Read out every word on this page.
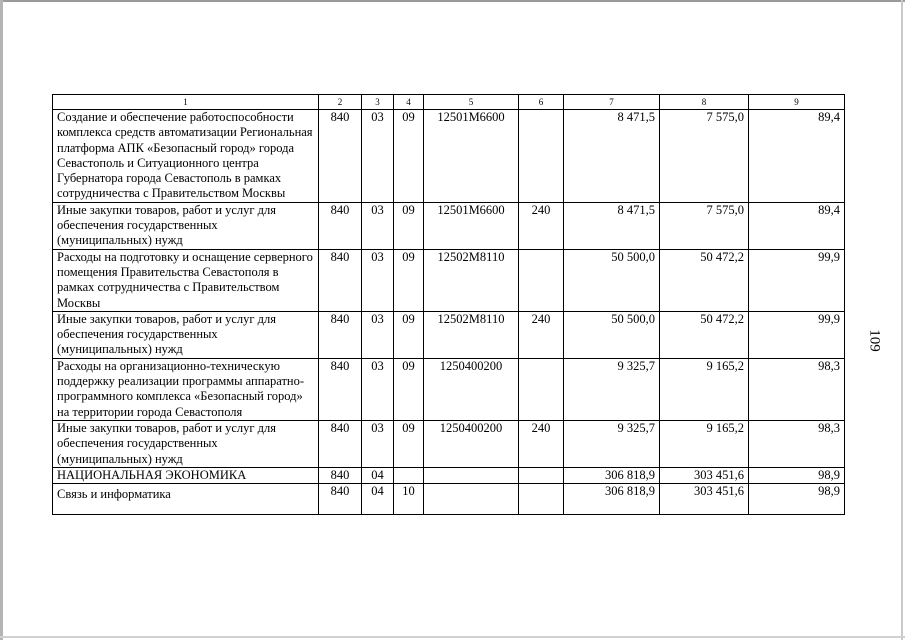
1	2	3	4	5	6	7	8	9
Создание и обеспечение работоспособности комплекса средств автоматизации Региональная платформа АПК «Безопасный город» города Севастополь и Ситуационного центра Губернатора города Севастополь в рамках сотрудничества с Правительством Москвы	840	03	09	12501М6600		8 471,5	7 575,0	89,4
Иные закупки товаров, работ и услуг для обеспечения государственных (муниципальных) нужд	840	03	09	12501М6600	240	8 471,5	7 575,0	89,4
Расходы на подготовку и оснащение серверного помещения Правительства Севастополя в рамках сотрудничества с Правительством Москвы	840	03	09	12502М8110		50 500,0	50 472,2	99,9
Иные закупки товаров, работ и услуг для обеспечения государственных (муниципальных) нужд	840	03	09	12502М8110	240	50 500,0	50 472,2	99,9
Расходы на организационно-техническую поддержку реализации программы аппаратно-программного комплекса «Безопасный город» на территории города Севастополя	840	03	09	1250400200		9 325,7	9 165,2	98,3
Иные закупки товаров, работ и услуг для обеспечения государственных (муниципальных) нужд	840	03	09	1250400200	240	9 325,7	9 165,2	98,3
НАЦИОНАЛЬНАЯ ЭКОНОМИКА	840	04				306 818,9	303 451,6	98,9
Связь и информатика	840	04	10			306 818,9	303 451,6	98,9
109
